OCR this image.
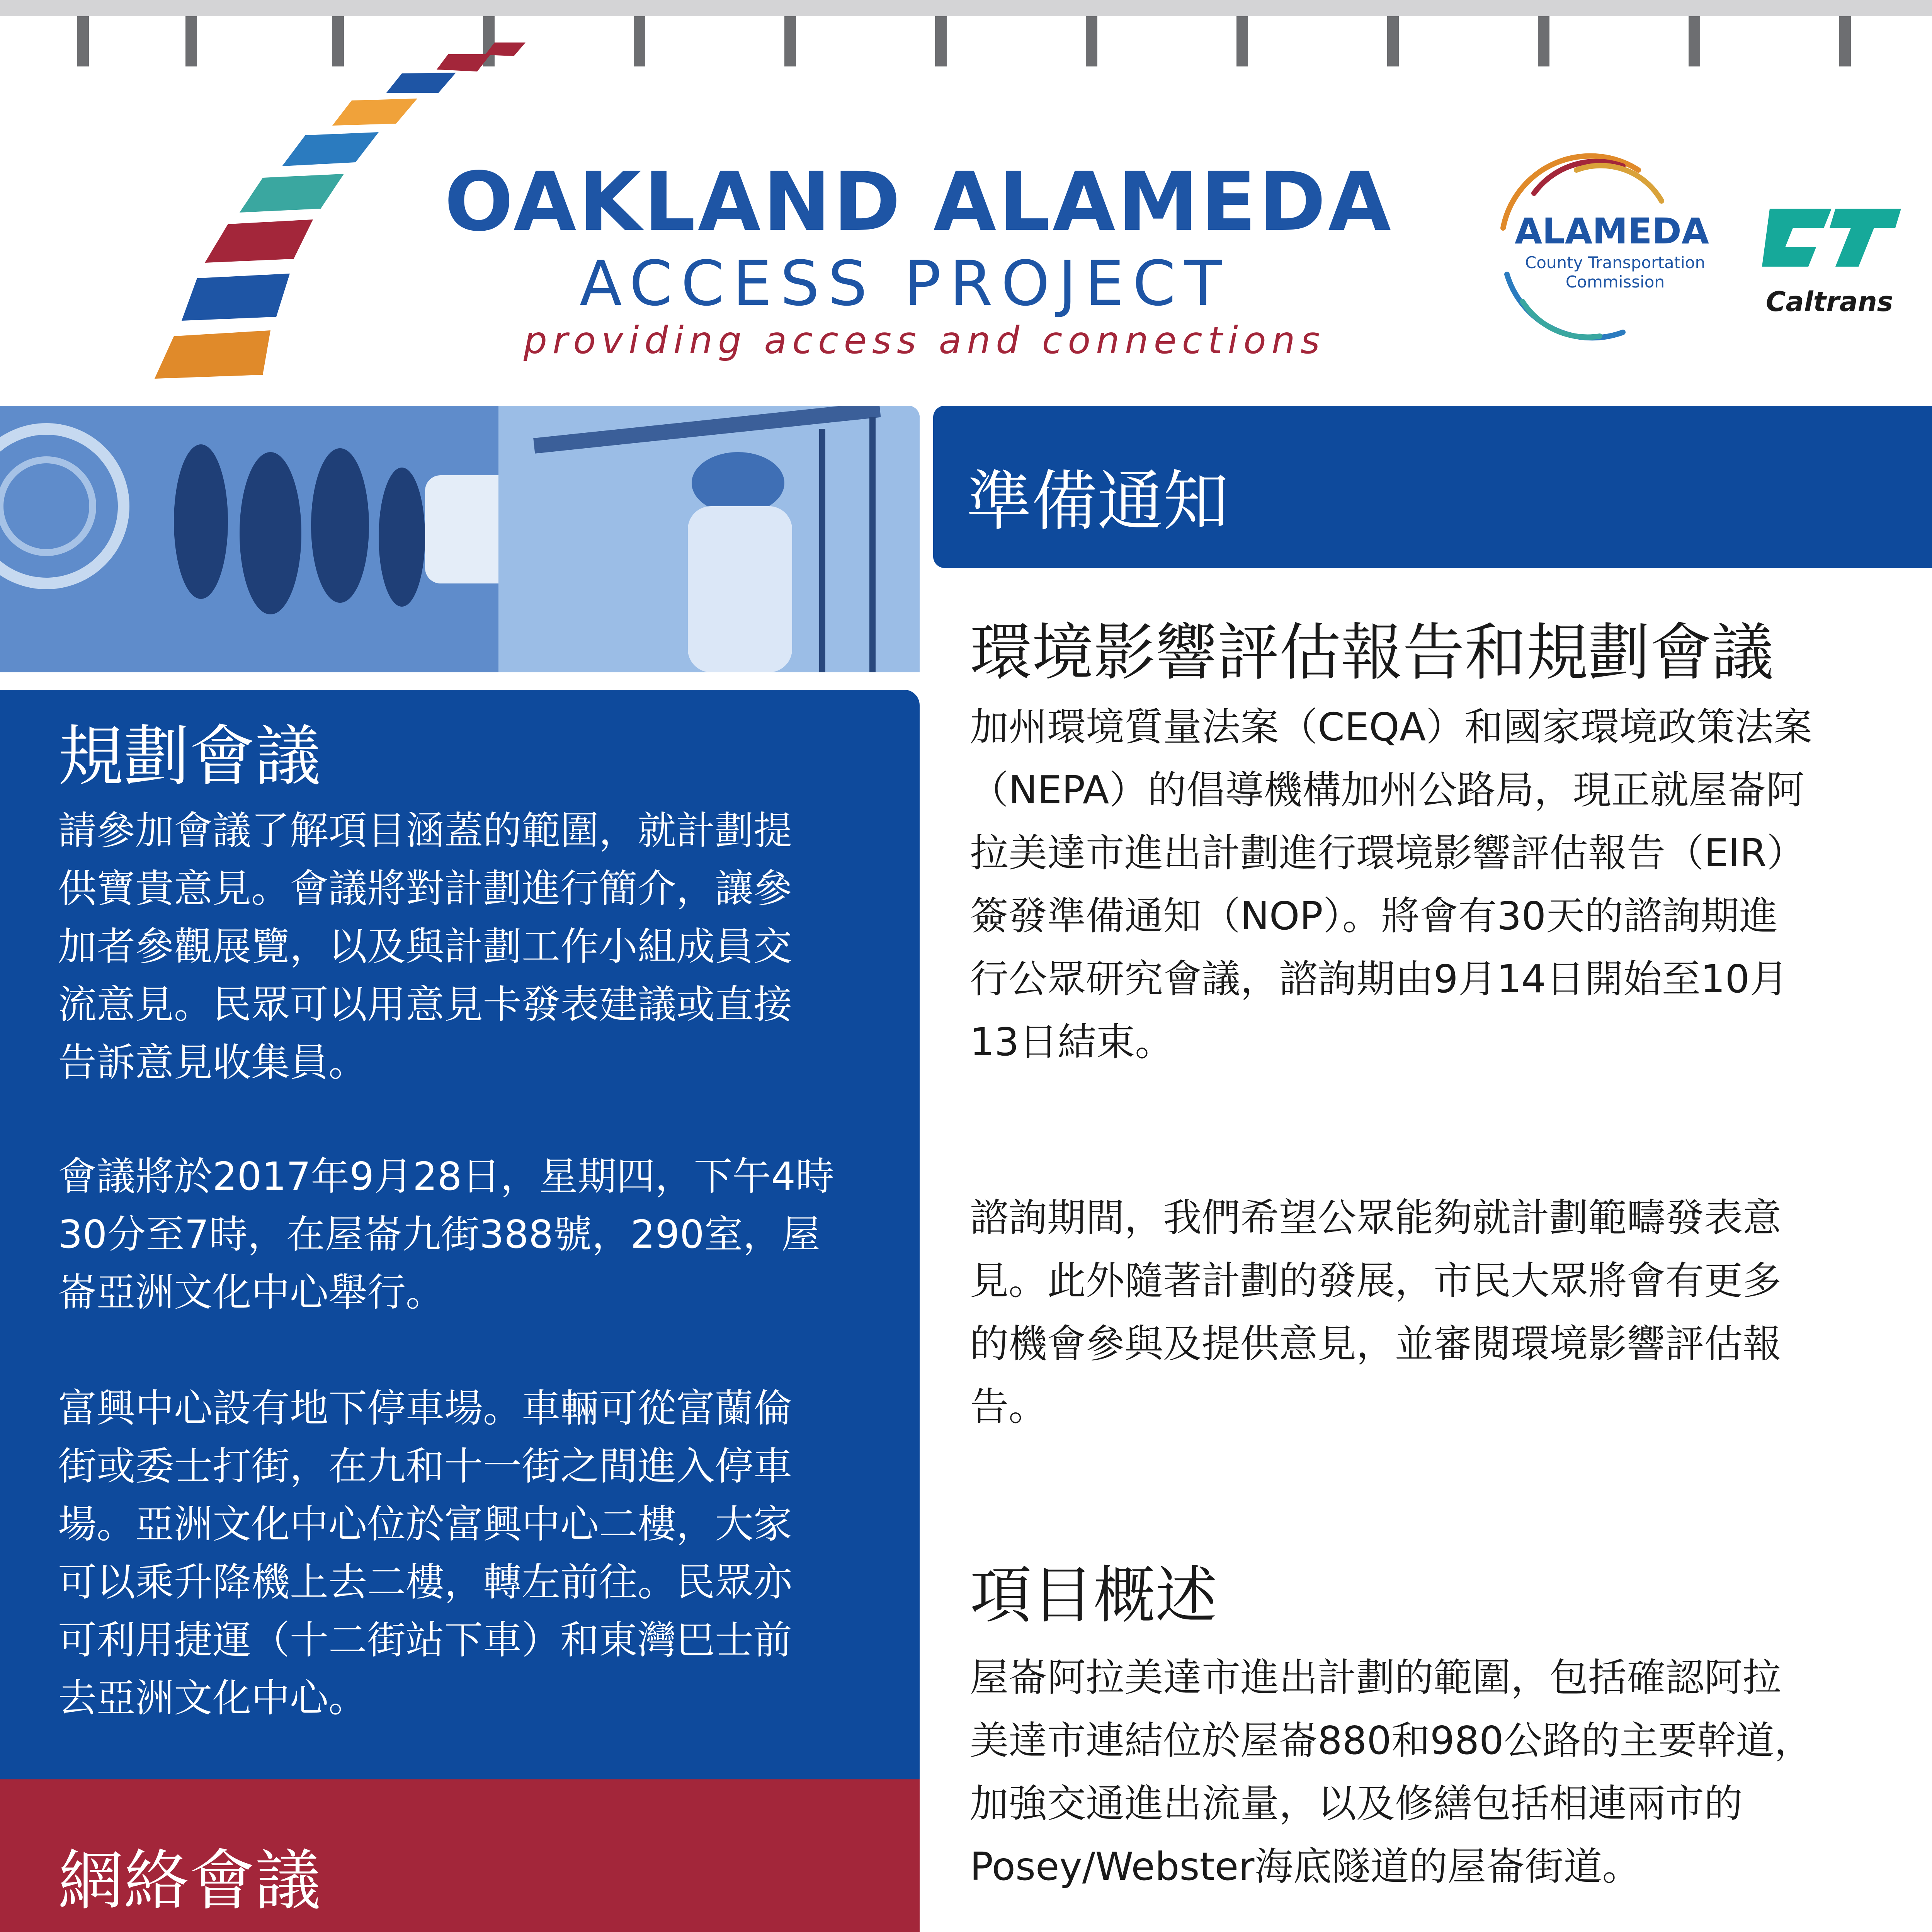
OAKLAND ALAMEDA
ACCESS PROJECT
providing access and connections
ALAMEDA
County Transportation Commission
Caltrans
規劃會議
請參加會議了解項目涵蓋的範圍，就計劃提
供寶貴意見。會議將對計劃進行簡介，讓參
加者參觀展覽，以及與計劃工作小組成員交
流意見。民眾可以用意見卡發表建議或直接
告訴意見收集員。
會議將於2017年9月28日，星期四，下午4時
30分至7時，在屋崙九街388號，290室，屋
崙亞洲文化中心舉行。
富興中心設有地下停車場。車輛可從富蘭倫
街或委士打街，在九和十一街之間進入停車
場。亞洲文化中心位於富興中心二樓，大家
可以乘升降機上去二樓，轉左前往。民眾亦
可利用捷運（十二街站下車）和東灣巴士前
去亞洲文化中心。
網絡會議
準備通知
環境影響評估報告和規劃會議
加州環境質量法案（CEQA）和國家環境政策法案
（NEPA）的倡導機構加州公路局，現正就屋崙阿
拉美達市進出計劃進行環境影響評估報告（EIR）
簽發準備通知（NOP）。將會有30天的諮詢期進
行公眾研究會議，諮詢期由9月14日開始至10月
13日結束。
諮詢期間，我們希望公眾能夠就計劃範疇發表意
見。此外隨著計劃的發展，市民大眾將會有更多
的機會參與及提供意見，並審閱環境影響評估報
告。
項目概述
屋崙阿拉美達市進出計劃的範圍，包括確認阿拉
美達市連結位於屋崙880和980公路的主要幹道，
加強交通進出流量，以及修繕包括相連兩市的
Posey/Webster海底隧道的屋崙街道。
